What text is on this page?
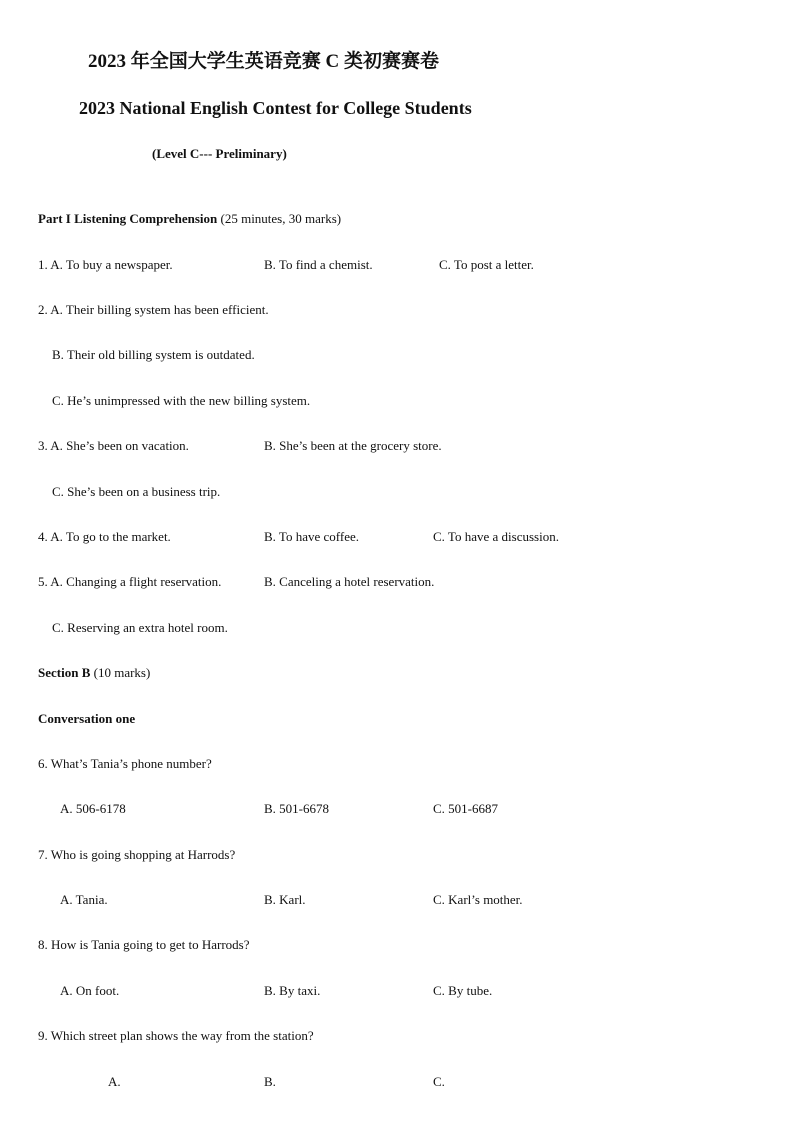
2023 年全国大学生英语竞赛 C 类初赛赛卷
2023 National English Contest for College Students
(Level C--- Preliminary)
Part I Listening Comprehension (25 minutes, 30 marks)
1. A. To buy a newspaper.	B. To find a chemist.	C. To post a letter.
2. A. Their billing system has been efficient.
B. Their old billing system is outdated.
C. He’s unimpressed with the new billing system.
3. A. She’s been on vacation.	B. She’s been at the grocery store.
C. She’s been on a business trip.
4. A. To go to the market.	B. To have coffee.	C. To have a discussion.
5. A. Changing a flight reservation.	B. Canceling a hotel reservation.
C. Reserving an extra hotel room.
Section B (10 marks)
Conversation one
6. What’s Tania’s phone number?
A. 506-6178	B. 501-6678	C. 501-6687
7. Who is going shopping at Harrods?
A. Tania.	B. Karl.	C. Karl’s mother.
8. How is Tania going to get to Harrods?
A. On foot.	B. By taxi.	C. By tube.
9. Which street plan shows the way from the station?
A.	B.	C.
